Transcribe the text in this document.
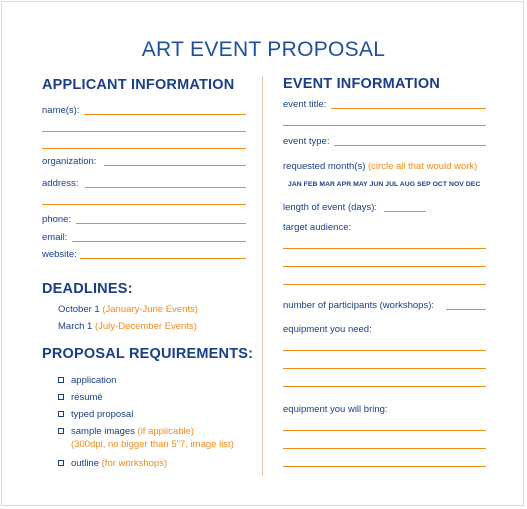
ART EVENT PROPOSAL
APPLICANT INFORMATION
name(s):
organization:
address:
phone:
email:
website:
DEADLINES:
October 1 (January-June Events)
March 1 (July-December Events)
PROPOSAL REQUIREMENTS:
application
résumé
typed proposal
sample images (if applicable)
(300dpi, no bigger than 5"7, image list)
outline (for workshops)
EVENT INFORMATION
event title:
event type:
requested month(s) (circle all that would work)
JAN FEB MAR APR MAY JUN JUL AUG SEP OCT NOV DEC
length of event (days):
target audience:
number of participants (workshops):
equipment you need:
equipment you will bring:
